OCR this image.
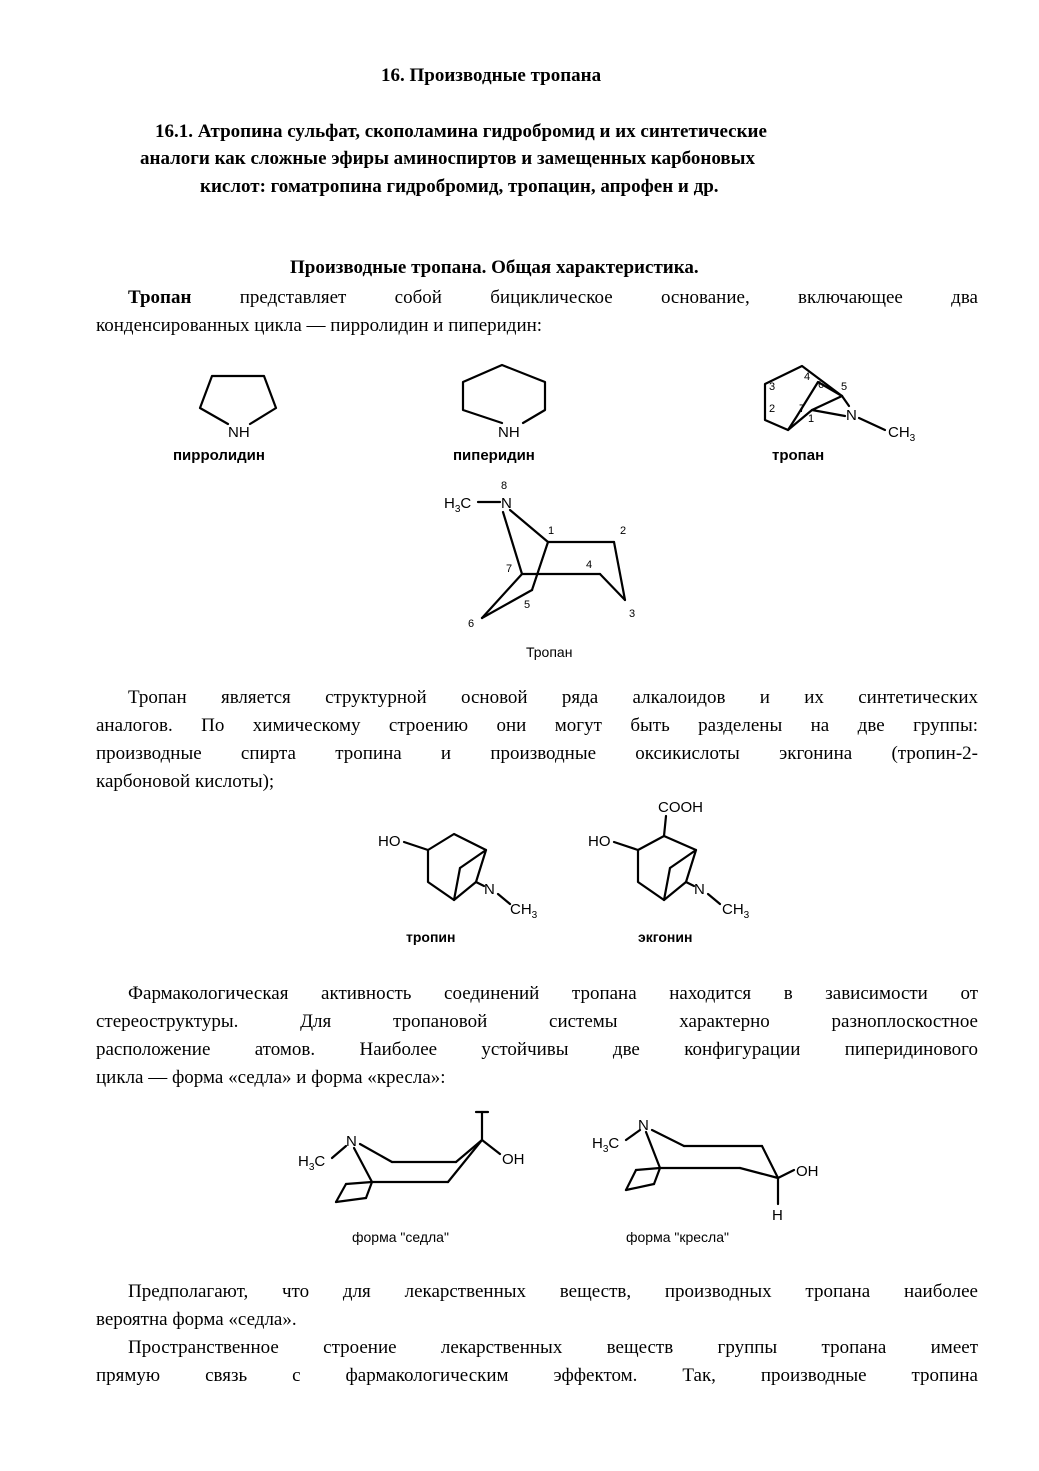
16. Производные тропана
16.1. Атропина сульфат, скополамина гидробромид и их синтетические
аналоги как сложные эфиры аминоспиртов и замещенных карбоновых
кислот: гоматропина гидробромид, тропацин, апрофен и др.
Производные тропана. Общая характеристика.
Тропан представляет собой бициклическое основание, включающее два
конденсированных цикла — пирролидин и пиперидин:
NH
пирролидин
NH
пиперидин
3
2
4
6 5
7
1 N
$CH_3$
тропан
$H_3C$ N
8
1	2
7	4
5
3
6
Тропан
Тропан является структурной основой ряда алкалоидов и их синтетических
аналогов. По химическому строению они могут быть разделены на две группы:
производные спирта тропина и производные оксикислоты экгонина (тропин-2-
карбоновой кислоты);
HO
N
$CH_3$
тропин
COOH
HO
N
$CH_3$
экгонин
Фармакологическая активность соединений тропана находится в зависимости от
стереоструктуры. Для тропановой системы характерно разноплоскостное
расположение атомов. Наиболее устойчивы две конфигурации пиперидинового
цикла — форма «седла» и форма «кресла»:
$H_3C$
N
OH
форма "седла"
$H_3C$
N
OH
H
форма "кресла"
Предполагают, что для лекарственных веществ, производных тропана наиболее
вероятна форма «седла».
Пространственное строение лекарственных веществ группы тропана имеет
прямую связь с фармакологическим эффектом. Так, производные тропина
